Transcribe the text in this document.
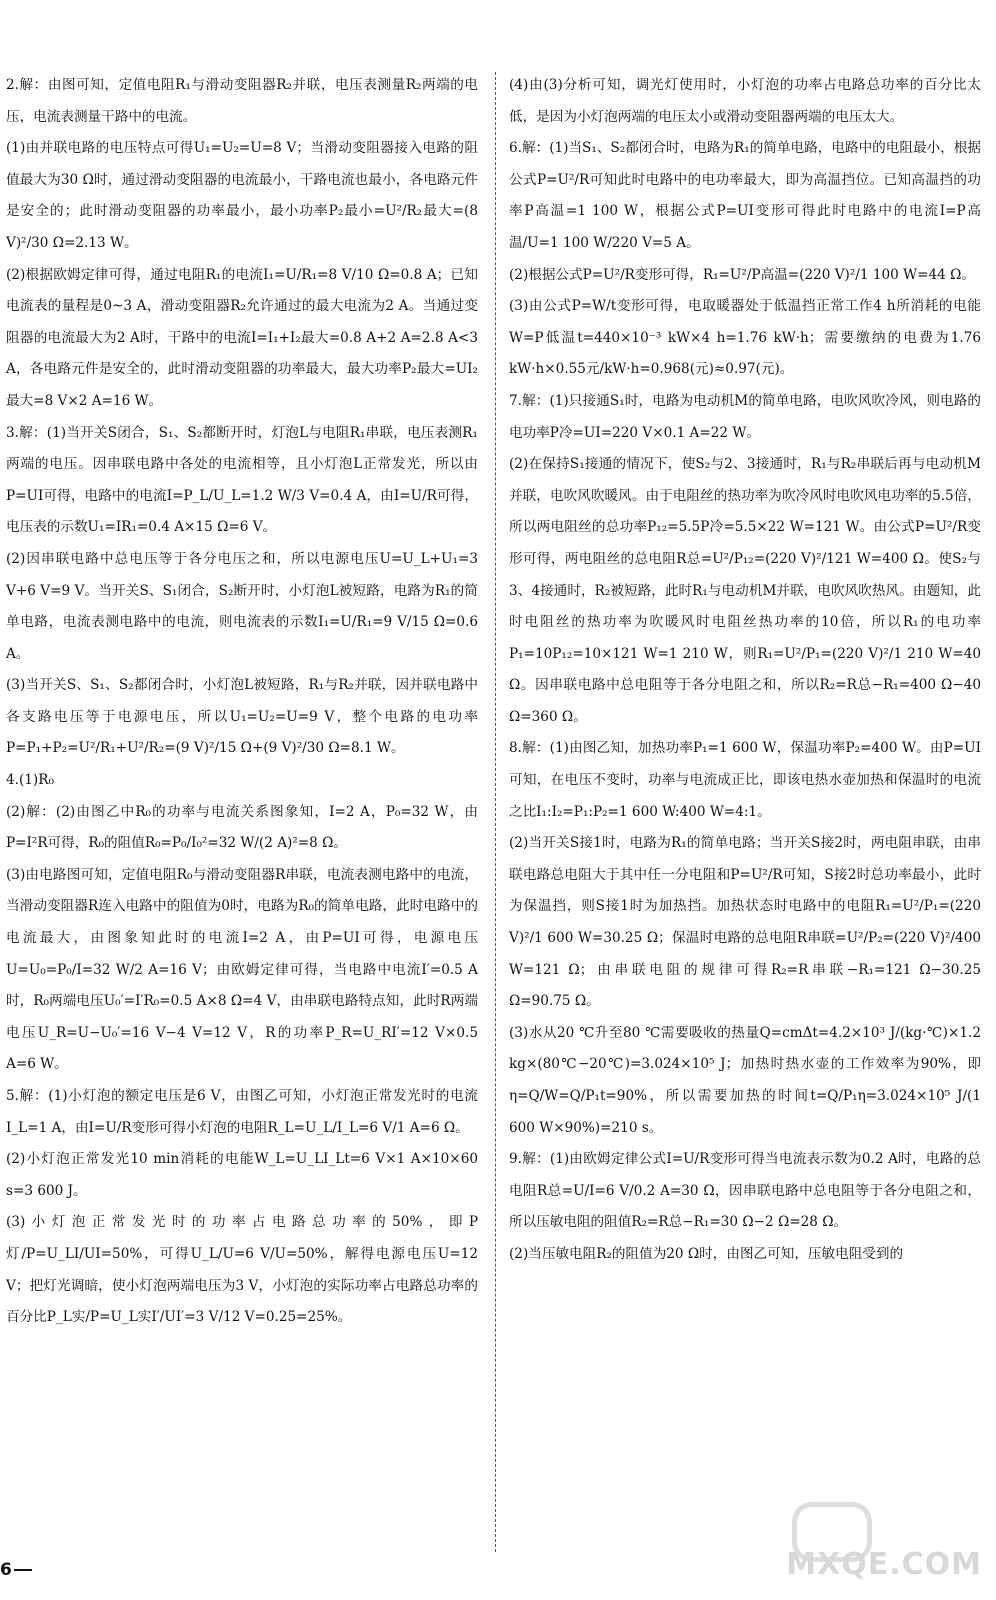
2.解：由图可知，定值电阻R₁与滑动变阻器R₂并联，电压表测量R₂两端的电压，电流表测量干路中的电流。

(1)由并联电路的电压特点可得U₁=U₂=U=8 V；当滑动变阻器接入电路的阻值最大为30 Ω时，通过滑动变阻器的电流最小，干路电流也最小，各电路元件是安全的；此时滑动变阻器的功率最小，最小功率P₂最小=U²/R₂最大=(8 V)²/30 Ω=2.13 W。

(2)根据欧姆定律可得，通过电阻R₁的电流I₁=U/R₁=8 V/10 Ω=0.8 A；已知电流表的量程是0~3 A，滑动变阻器R₂允许通过的最大电流为2 A。当通过变阻器的电流最大为2 A时，干路中的电流I=I₁+I₂最大=0.8 A+2 A=2.8 A<3 A，各电路元件是安全的，此时滑动变阻器的功率最大，最大功率P₂最大=UI₂最大=8 V×2 A=16 W。

3.解：(1)当开关S闭合，S₁、S₂都断开时，灯泡L与电阻R₁串联，电压表测R₁两端的电压。因串联电路中各处的电流相等，且小灯泡L正常发光，所以由P=UI可得，电路中的电流I=P_L/U_L=1.2 W/3 V=0.4 A，由I=U/R可得，电压表的示数U₁=IR₁=0.4 A×15 Ω=6 V。

(2)因串联电路中总电压等于各分电压之和，所以电源电压U=U_L+U₁=3 V+6 V=9 V。当开关S、S₁闭合，S₂断开时，小灯泡L被短路，电路为R₁的简单电路，电流表测电路中的电流，则电流表的示数I₁=U/R₁=9 V/15 Ω=0.6 A。

(3)当开关S、S₁、S₂都闭合时，小灯泡L被短路，R₁与R₂并联，因并联电路中各支路电压等于电源电压，所以U₁=U₂=U=9 V，整个电路的电功率P=P₁+P₂=U²/R₁+U²/R₂=(9 V)²/15 Ω+(9 V)²/30 Ω=8.1 W。

4.(1)R₀

(2)解：(2)由图乙中R₀的功率与电流关系图象知，I=2 A，P₀=32 W，由P=I²R可得，R₀的阻值R₀=P₀/I₀²=32 W/(2 A)²=8 Ω。

(3)由电路图可知，定值电阻R₀与滑动变阻器R串联，电流表测电路中的电流，当滑动变阻器R连入电路中的阻值为0时，电路为R₀的简单电路，此时电路中的电流最大，由图象知此时的电流I=2 A，由P=UI可得，电源电压U=U₀=P₀/I=32 W/2 A=16 V；由欧姆定律可得，当电路中电流I′=0.5 A时，R₀两端电压U₀′=I′R₀=0.5 A×8 Ω=4 V，由串联电路特点知，此时R两端电压U_R=U−U₀′=16 V−4 V=12 V，R的功率P_R=U_RI′=12 V×0.5 A=6 W。

5.解：(1)小灯泡的额定电压是6 V，由图乙可知，小灯泡正常发光时的电流I_L=1 A，由I=U/R变形可得小灯泡的电阻R_L=U_L/I_L=6 V/1 A=6 Ω。

(2)小灯泡正常发光10 min消耗的电能W_L=U_LI_Lt=6 V×1 A×10×60 s=3 600 J。

(3)小灯泡正常发光时的功率占电路总功率的50%，即P灯/P=U_LI/UI=50%，可得U_L/U=6 V/U=50%，解得电源电压U=12 V；把灯光调暗，使小灯泡两端电压为3 V，小灯泡的实际功率占电路总功率的百分比P_L实/P=U_L实I′/UI′=3 V/12 V=0.25=25%。

(4)由(3)分析可知，调光灯使用时，小灯泡的功率占电路总功率的百分比太低，是因为小灯泡两端的电压太小或滑动变阻器两端的电压太大。

6.解：(1)当S₁、S₂都闭合时，电路为R₁的简单电路，电路中的电阻最小，根据公式P=U²/R可知此时电路中的电功率最大，即为高温挡位。已知高温挡的功率P高温=1 100 W，根据公式P=UI变形可得此时电路中的电流I=P高温/U=1 100 W/220 V=5 A。

(2)根据公式P=U²/R变形可得，R₁=U²/P高温=(220 V)²/1 100 W=44 Ω。

(3)由公式P=W/t变形可得，电取暖器处于低温挡正常工作4 h所消耗的电能W=P低温t=440×10⁻³ kW×4 h=1.76 kW·h；需要缴纳的电费为1.76 kW·h×0.55元/kW·h=0.968(元)≈0.97(元)。

7.解：(1)只接通S₁时，电路为电动机M的简单电路，电吹风吹冷风，则电路的电功率P冷=UI=220 V×0.1 A=22 W。

(2)在保持S₁接通的情况下，使S₂与2、3接通时，R₁与R₂串联后再与电动机M并联，电吹风吹暖风。由于电阻丝的热功率为吹冷风时电吹风电功率的5.5倍，所以两电阻丝的总功率P₁₂=5.5P冷=5.5×22 W=121 W。由公式P=U²/R变形可得，两电阻丝的总电阻R总=U²/P₁₂=(220 V)²/121 W=400 Ω。使S₂与3、4接通时，R₂被短路，此时R₁与电动机M并联，电吹风吹热风。由题知，此时电阻丝的热功率为吹暖风时电阻丝热功率的10倍，所以R₁的电功率P₁=10P₁₂=10×121 W=1 210 W，则R₁=U²/P₁=(220 V)²/1 210 W=40 Ω。因串联电路中总电阻等于各分电阻之和，所以R₂=R总−R₁=400 Ω−40 Ω=360 Ω。

8.解：(1)由图乙知，加热功率P₁=1 600 W，保温功率P₂=400 W。由P=UI可知，在电压不变时，功率与电流成正比，即该电热水壶加热和保温时的电流之比I₁:I₂=P₁:P₂=1 600 W:400 W=4:1。

(2)当开关S接1时，电路为R₁的简单电路；当开关S接2时，两电阻串联，由串联电路总电阻大于其中任一分电阻和P=U²/R可知，S接2时总功率最小，此时为保温挡，则S接1时为加热挡。加热状态时电路中的电阻R₁=U²/P₁=(220 V)²/1 600 W=30.25 Ω；保温时电路的总电阻R串联=U²/P₂=(220 V)²/400 W=121 Ω；由串联电阻的规律可得R₂=R串联−R₁=121 Ω−30.25 Ω=90.75 Ω。

(3)水从20 ℃升至80 ℃需要吸收的热量Q=cmΔt=4.2×10³ J/(kg·℃)×1.2 kg×(80℃−20℃)=3.024×10⁵ J；加热时热水壶的工作效率为90%，即η=Q/W=Q/P₁t=90%，所以需要加热的时间t=Q/P₁η=3.024×10⁵ J/(1 600 W×90%)=210 s。

9.解：(1)由欧姆定律公式I=U/R变形可得当电流表示数为0.2 A时，电路的总电阻R总=U/I=6 V/0.2 A=30 Ω，因串联电路中总电阻等于各分电阻之和，所以压敏电阻的阻值R₂=R总−R₁=30 Ω−2 Ω=28 Ω。

(2)当压敏电阻R₂的阻值为20 Ω时，由图乙可知，压敏电阻受到的

6	MXQE.COM
